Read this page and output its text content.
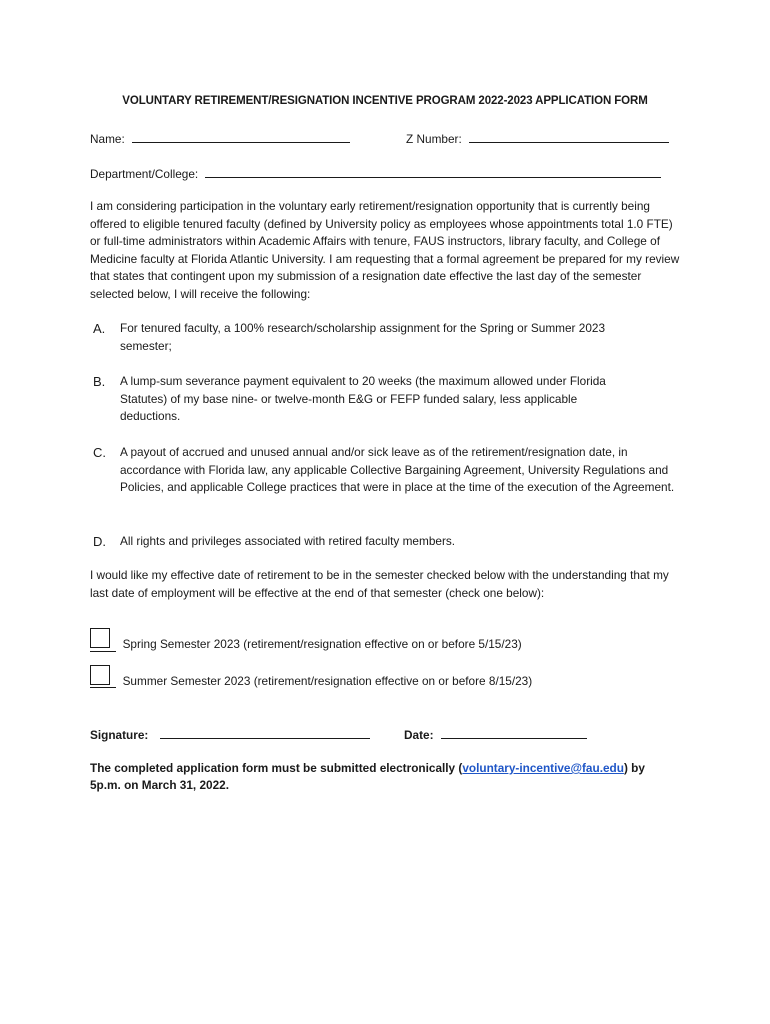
VOLUNTARY RETIREMENT/RESIGNATION INCENTIVE PROGRAM 2022-2023 APPLICATION FORM
Name:	Z Number:
Department/College:
I am considering participation in the voluntary early retirement/resignation opportunity that is currently being offered to eligible tenured faculty (defined by University policy as employees whose appointments total 1.0 FTE) or full-time administrators within Academic Affairs with tenure, FAUS instructors, library faculty, and College of Medicine faculty at Florida Atlantic University. I am requesting that a formal agreement be prepared for my review that states that contingent upon my submission of a resignation date effective the last day of the semester selected below, I will receive the following:
A. For tenured faculty, a 100% research/scholarship assignment for the Spring or Summer 2023 semester;
B. A lump-sum severance payment equivalent to 20 weeks (the maximum allowed under Florida Statutes) of my base nine- or twelve-month E&G or FEFP funded salary, less applicable deductions.
C. A payout of accrued and unused annual and/or sick leave as of the retirement/resignation date, in accordance with Florida law, any applicable Collective Bargaining Agreement, University Regulations and Policies, and applicable College practices that were in place at the time of the execution of the Agreement.
D. All rights and privileges associated with retired faculty members.
I would like my effective date of retirement to be in the semester checked below with the understanding that my last date of employment will be effective at the end of that semester (check one below):
Spring Semester 2023 (retirement/resignation effective on or before 5/15/23)
Summer Semester 2023 (retirement/resignation effective on or before 8/15/23)
Signature:	Date:
The completed application form must be submitted electronically (voluntary-incentive@fau.edu) by
5p.m. on March 31, 2022.
